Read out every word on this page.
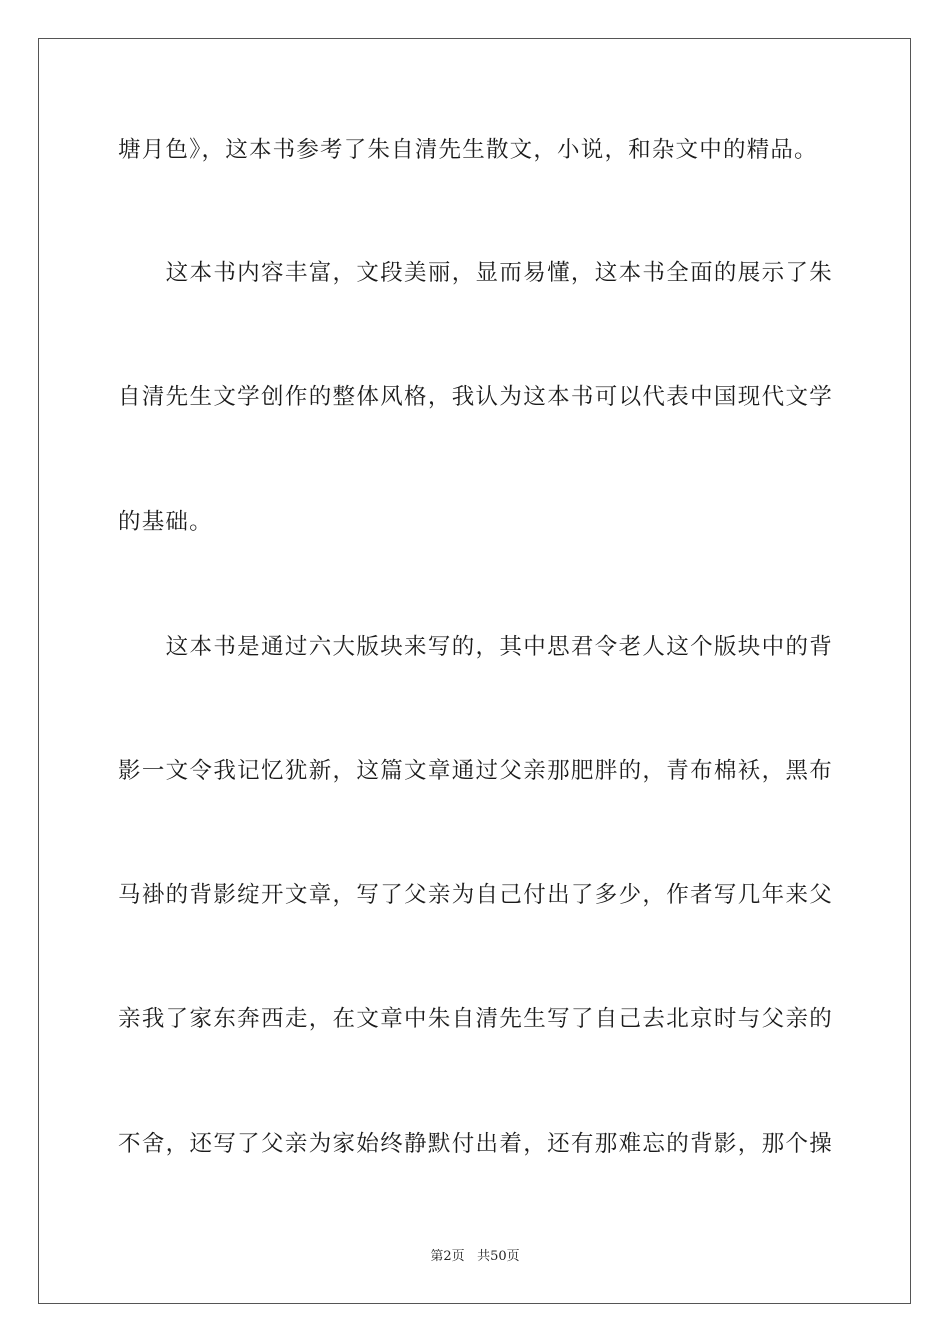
塘月色》，这本书参考了朱自清先生散文，小说，和杂文中的精品。
　　这本书内容丰富，文段美丽，显而易懂，这本书全面的展示了朱
自清先生文学创作的整体风格，我认为这本书可以代表中国现代文学
的基础。
　　这本书是通过六大版块来写的，其中思君令老人这个版块中的背
影一文令我记忆犹新，这篇文章通过父亲那肥胖的，青布棉袄，黑布
马褂的背影绽开文章，写了父亲为自己付出了多少，作者写几年来父
亲我了家东奔西走，在文章中朱自清先生写了自己去北京时与父亲的
不舍，还写了父亲为家始终静默付出着，还有那难忘的背影，那个操
第2页 共50页
